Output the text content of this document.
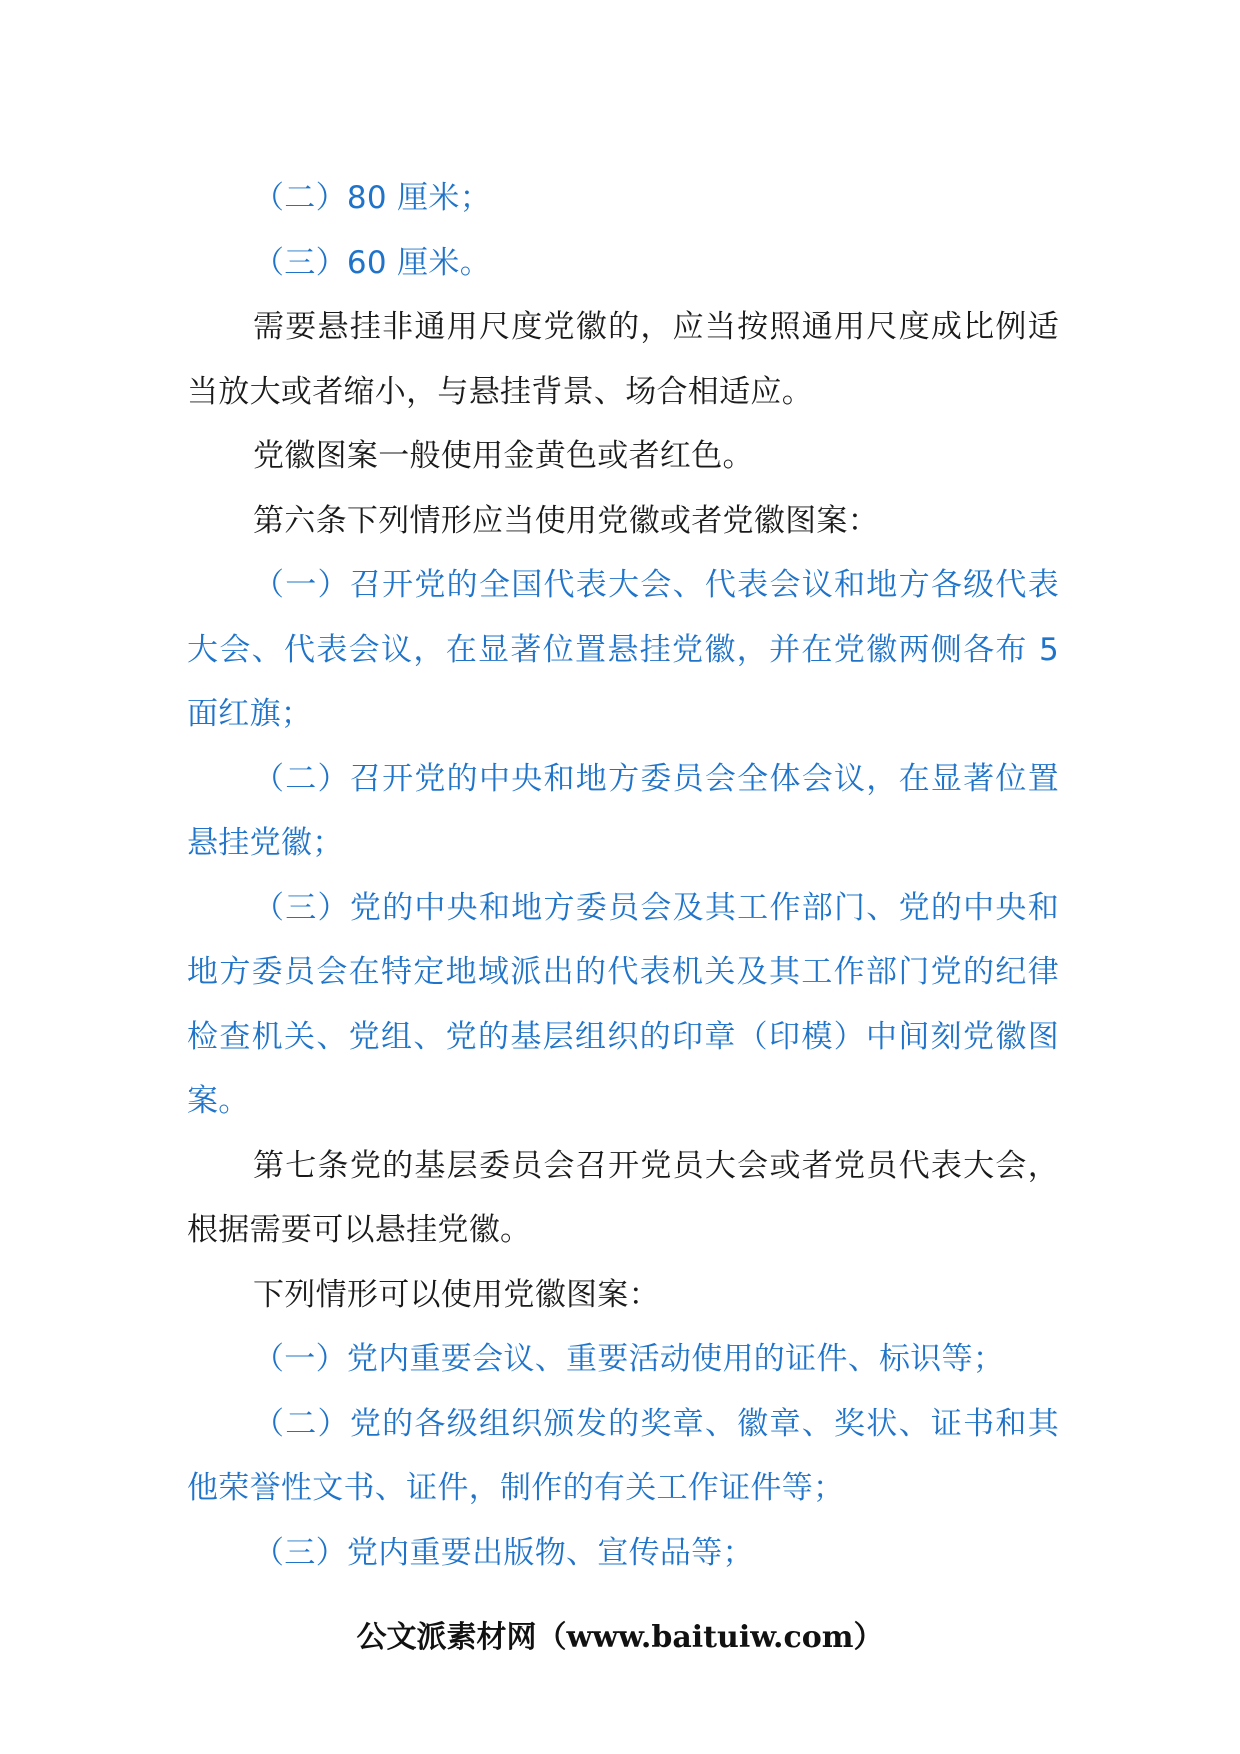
（二）80 厘米；

（三）60 厘米。

需要悬挂非通用尺度党徽的，应当按照通用尺度成比例适当放大或者缩小，与悬挂背景、场合相适应。

党徽图案一般使用金黄色或者红色。

第六条下列情形应当使用党徽或者党徽图案：

（一）召开党的全国代表大会、代表会议和地方各级代表大会、代表会议，在显著位置悬挂党徽，并在党徽两侧各布 5 面红旗；

（二）召开党的中央和地方委员会全体会议，在显著位置悬挂党徽；

（三）党的中央和地方委员会及其工作部门、党的中央和地方委员会在特定地域派出的代表机关及其工作部门党的纪律检查机关、党组、党的基层组织的印章（印模）中间刻党徽图案。

第七条党的基层委员会召开党员大会或者党员代表大会，根据需要可以悬挂党徽。

下列情形可以使用党徽图案：

（一）党内重要会议、重要活动使用的证件、标识等；

（二）党的各级组织颁发的奖章、徽章、奖状、证书和其他荣誉性文书、证件，制作的有关工作证件等；

（三）党内重要出版物、宣传品等；

公文派素材网（www.baituiw.com）
